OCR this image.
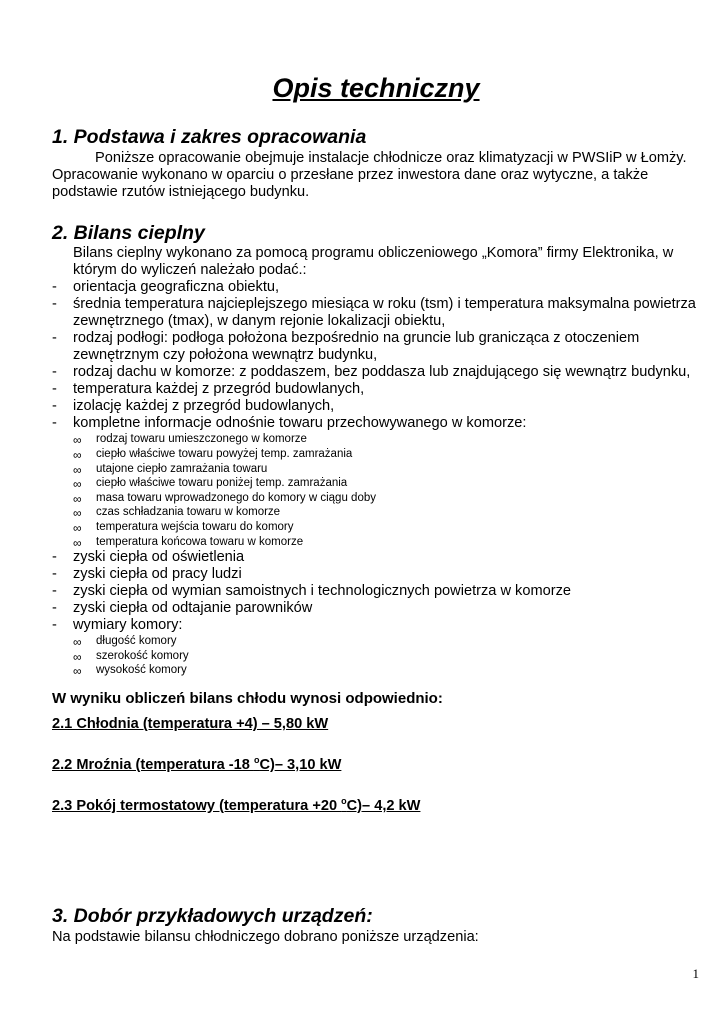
Opis techniczny
1. Podstawa i zakres opracowania
Poniższe opracowanie obejmuje instalacje chłodnicze oraz klimatyzacji w PWSIiP w Łomży.
Opracowanie wykonano w oparciu o przesłane przez inwestora dane oraz wytyczne, a także
podstawie rzutów istniejącego budynku.
2. Bilans cieplny
Bilans cieplny wykonano za pomocą programu obliczeniowego „Komora” firmy Elektronika, w
którym do wyliczeń należało podać.:
- orientacja geograficzna obiektu,
- średnia temperatura najcieplejszego miesiąca w roku (tsm) i temperatura maksymalna powietrza
zewnętrznego (tmax), w danym rejonie lokalizacji obiektu,
- rodzaj podłogi: podłoga położona bezpośrednio na gruncie lub granicząca z otoczeniem
zewnętrznym czy położona wewnątrz budynku,
- rodzaj dachu w komorze: z poddaszem, bez poddasza lub znajdującego się wewnątrz budynku,
- temperatura każdej z przegród budowlanych,
- izolację każdej z przegród budowlanych,
- kompletne informacje odnośnie towaru przechowywanego w komorze:
∞ rodzaj towaru umieszczonego w komorze
∞ ciepło właściwe towaru powyżej temp. zamrażania
∞ utajone ciepło zamrażania towaru
∞ ciepło właściwe towaru poniżej temp. zamrażania
∞ masa towaru wprowadzonego do komory w ciągu doby
∞ czas schładzania towaru w komorze
∞ temperatura wejścia towaru do komory
∞ temperatura końcowa towaru w komorze
- zyski ciepła od oświetlenia
- zyski ciepła od pracy ludzi
- zyski ciepła od wymian samoistnych i technologicznych powietrza w komorze
- zyski ciepła od odtajanie parowników
- wymiary komory:
∞ długość komory
∞ szerokość komory
∞ wysokość komory
W wyniku obliczeń bilans chłodu wynosi odpowiednio:
2.1 Chłodnia (temperatura +4) – 5,80 kW
2.2 Mroźnia (temperatura -18 $^o$C)– 3,10 kW
2.3 Pokój termostatowy (temperatura +20 $^o$C)– 4,2 kW
3. Dobór przykładowych urządzeń:
Na podstawie bilansu chłodniczego dobrano poniższe urządzenia:
1
